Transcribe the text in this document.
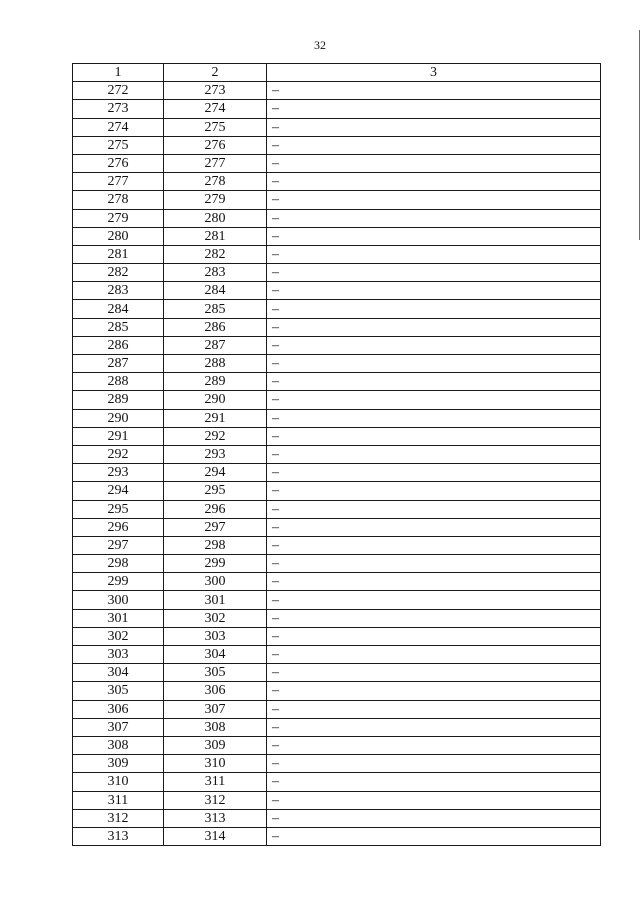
32
1	2	3
272	273	–
273	274	–
274	275	–
275	276	–
276	277	–
277	278	–
278	279	–
279	280	–
280	281	–
281	282	–
282	283	–
283	284	–
284	285	–
285	286	–
286	287	–
287	288	–
288	289	–
289	290	–
290	291	–
291	292	–
292	293	–
293	294	–
294	295	–
295	296	–
296	297	–
297	298	–
298	299	–
299	300	–
300	301	–
301	302	–
302	303	–
303	304	–
304	305	–
305	306	–
306	307	–
307	308	–
308	309	–
309	310	–
310	311	–
311	312	–
312	313	–
313	314	–
